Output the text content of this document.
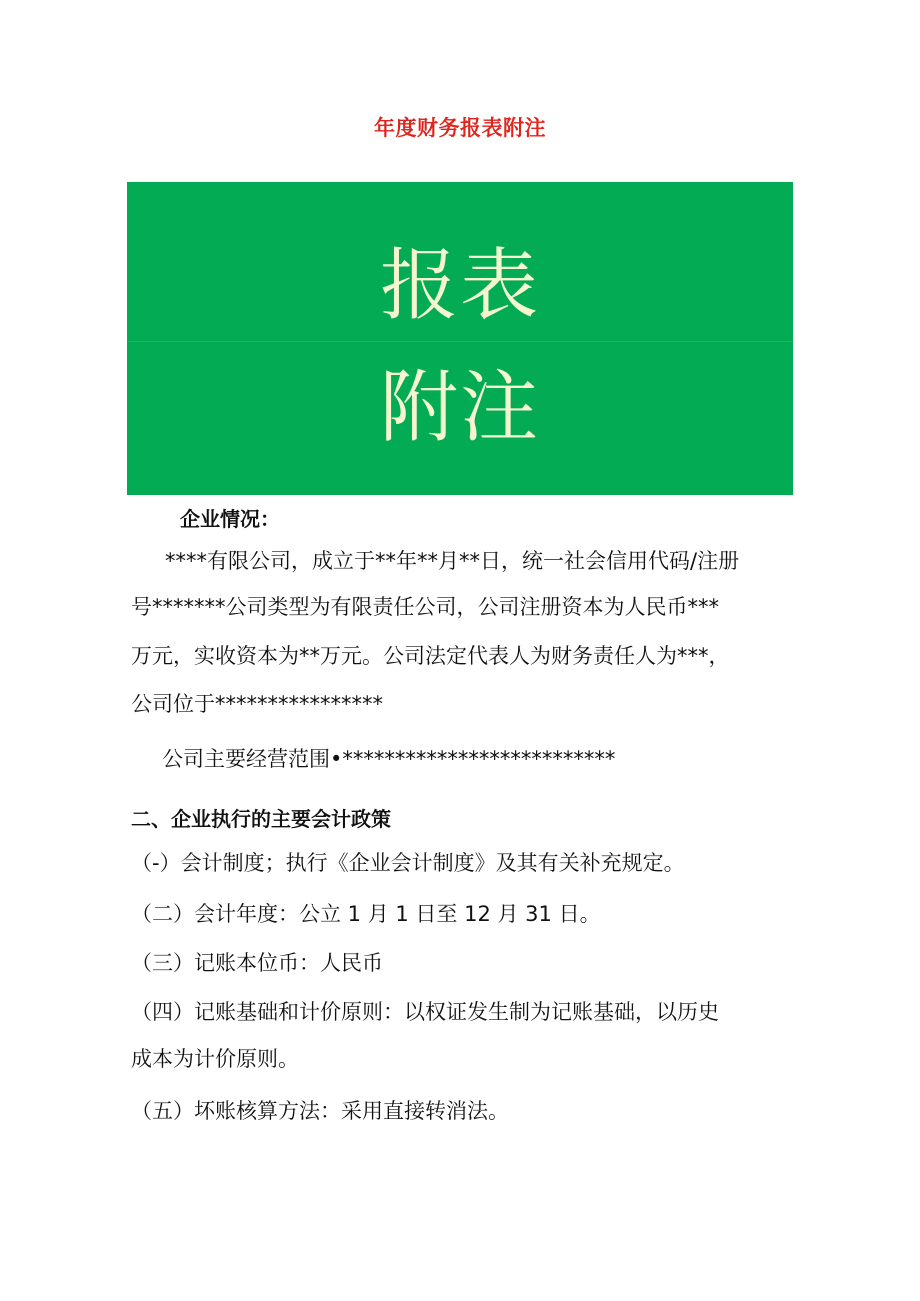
年度财务报表附注
报表
附注
企业情况：
****有限公司，成立于**年**月**日，统一社会信用代码/注册
号*******公司类型为有限责任公司，公司注册资本为人民币***
万元，实收资本为**万元。公司法定代表人为财务责任人为***，
公司位于****************
公司主要经营范围•**************************
二、企业执行的主要会计政策
（-）会计制度；执行《企业会计制度》及其有关补充规定。
（二）会计年度：公立 1 月 1 日至 12 月 31 日。
（三）记账本位币：人民币
（四）记账基础和计价原则：以权证发生制为记账基础，以历史
成本为计价原则。
（五）坏账核算方法：采用直接转消法。
